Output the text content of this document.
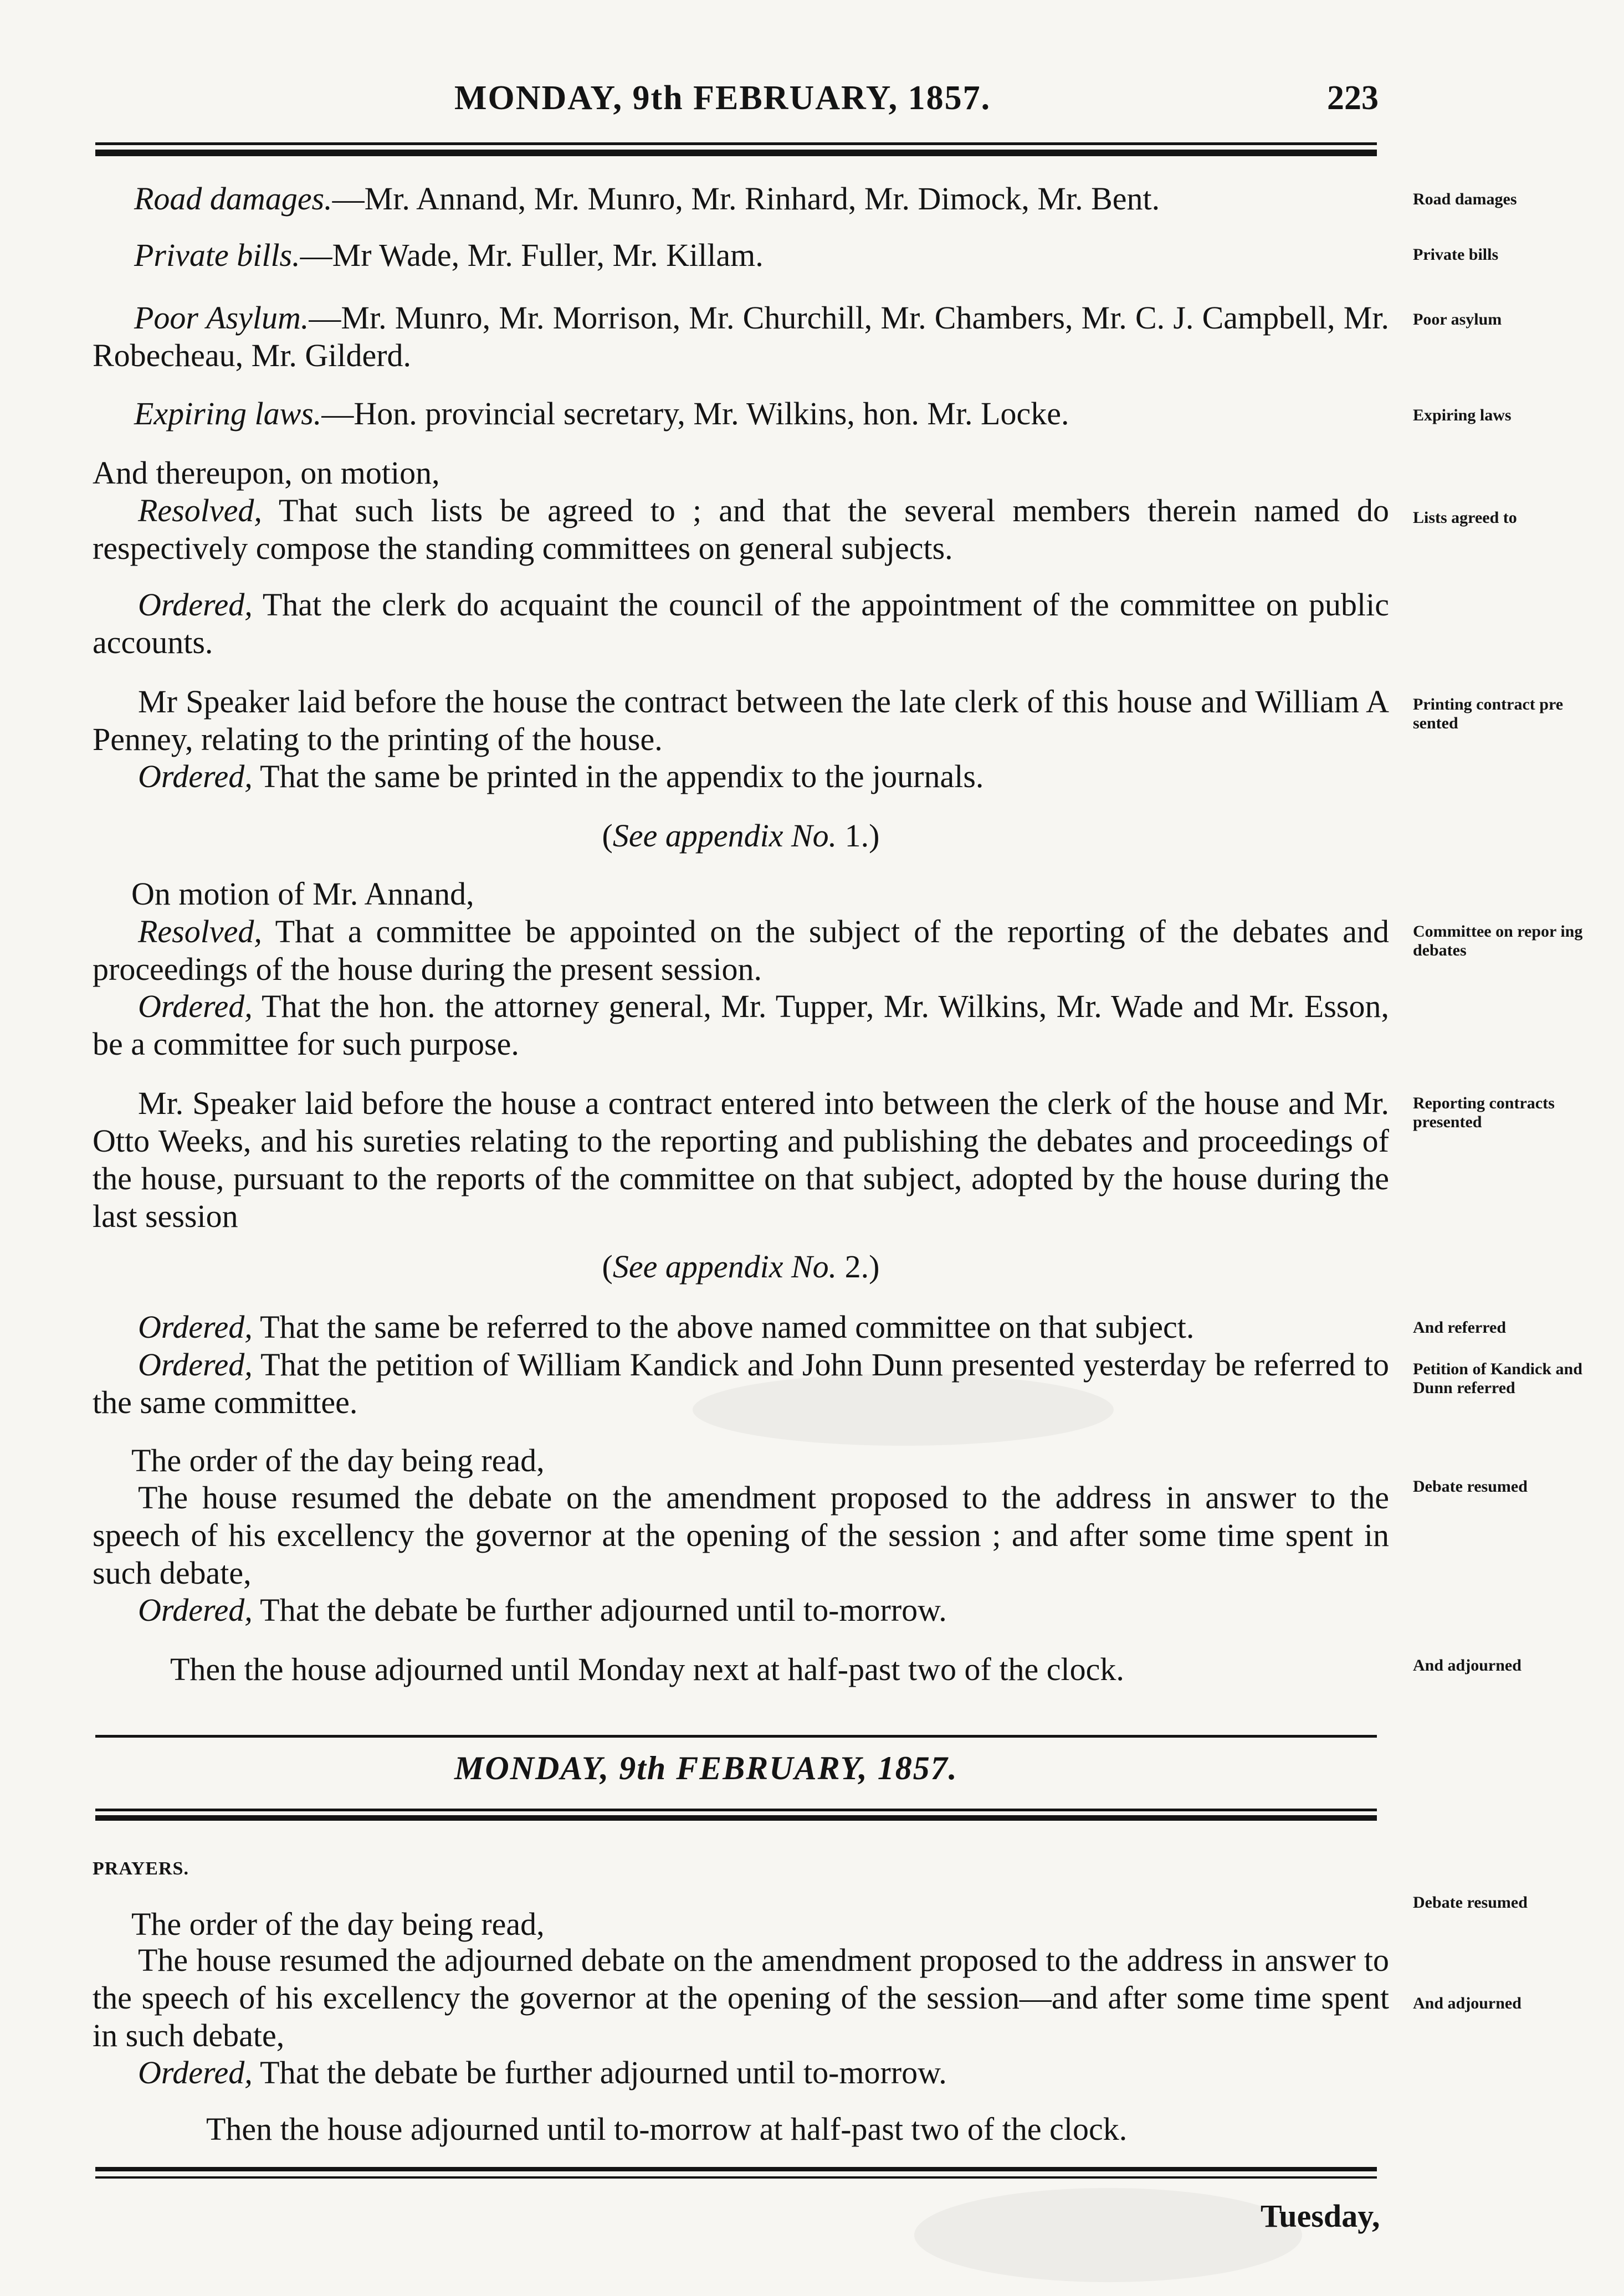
MONDAY, 9th FEBRUARY, 1857.	223

Road damages.—Mr. Annand, Mr. Munro, Mr. Rinhard, Mr. Dimock, Mr. Bent.

Private bills.—Mr Wade, Mr. Fuller, Mr. Killam.

Poor Asylum.—Mr. Munro, Mr. Morrison, Mr. Churchill, Mr. Chambers, Mr. C. J. Campbell, Mr. Robecheau, Mr. Gilderd.

Expiring laws.—Hon. provincial secretary, Mr. Wilkins, hon. Mr. Locke.

And thereupon, on motion,

Resolved, That such lists be agreed to ; and that the several members therein named do respectively compose the standing committees on general subjects.

Ordered, That the clerk do acquaint the council of the appointment of the committee on public accounts.

Mr Speaker laid before the house the contract between the late clerk of this house and William A Penney, relating to the printing of the house.

Ordered, That the same be printed in the appendix to the journals.

(See appendix No. 1.)

On motion of Mr. Annand,

Resolved, That a committee be appointed on the subject of the reporting of the debates and proceedings of the house during the present session.

Ordered, That the hon. the attorney general, Mr. Tupper, Mr. Wilkins, Mr. Wade and Mr. Esson, be a committee for such purpose.

Mr. Speaker laid before the house a contract entered into between the clerk of the house and Mr. Otto Weeks, and his sureties relating to the reporting and publishing the debates and proceedings of the house, pursuant to the reports of the committee on that subject, adopted by the house during the last session

(See appendix No. 2.)

Ordered, That the same be referred to the above named committee on that subject.

Ordered, That the petition of William Kandick and John Dunn presented yesterday be referred to the same committee.

The order of the day being read,

The house resumed the debate on the amendment proposed to the address in answer to the speech of his excellency the governor at the opening of the session ; and after some time spent in such debate,

Ordered, That the debate be further adjourned until to-morrow.

Then the house adjourned until Monday next at half-past two of the clock.

MONDAY, 9th FEBRUARY, 1857.
PRAYERS.

The order of the day being read,

The house resumed the adjourned debate on the amendment proposed to the address in answer to the speech of his excellency the governor at the opening of the session—and after some time spent in such debate,

Ordered, That the debate be further adjourned until to-morrow.

Then the house adjourned until to-morrow at half-past two of the clock.

Tuesday,
Road damages
Private bills
Poor asylum
Expiring laws
Lists agreed to
Printing contract pre sented
Committee on repor ing debates
Reporting contracts presented
And referred
Petition of Kandick and Dunn referred
Debate resumed
And adjourned
Debate resumed
And adjourned
